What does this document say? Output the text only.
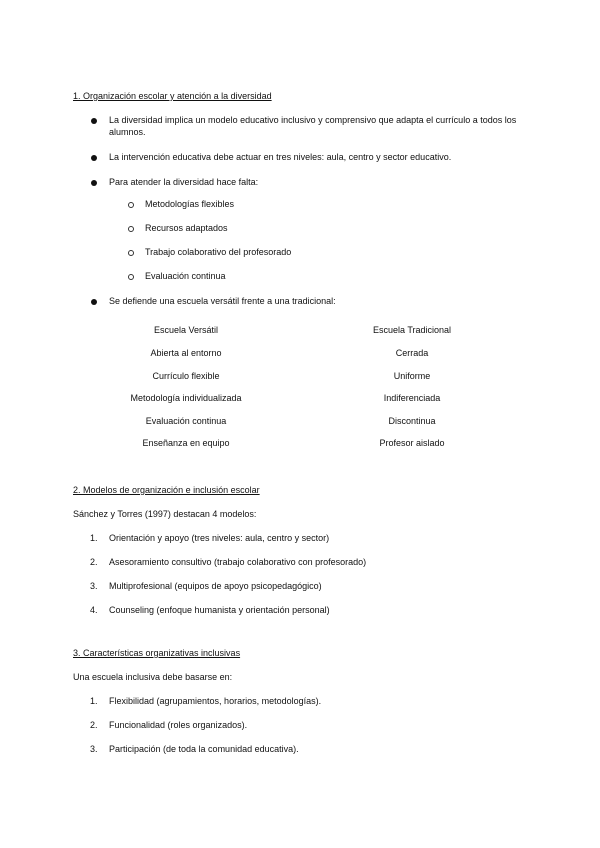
1. Organización escolar y atención a la diversidad
La diversidad implica un modelo educativo inclusivo y comprensivo que adapta el currículo a todos los alumnos.
La intervención educativa debe actuar en tres niveles: aula, centro y sector educativo.
Para atender la diversidad hace falta:
Metodologías flexibles
Recursos adaptados
Trabajo colaborativo del profesorado
Evaluación continua
Se defiende una escuela versátil frente a una tradicional:
Escuela Versátil	Escuela Tradicional
Abierta al entorno	Cerrada
Currículo flexible	Uniforme
Metodología individualizada	Indiferenciada
Evaluación continua	Discontinua
Enseñanza en equipo	Profesor aislado
2. Modelos de organización e inclusión escolar
Sánchez y Torres (1997) destacan 4 modelos:
1. Orientación y apoyo (tres niveles: aula, centro y sector)
2. Asesoramiento consultivo (trabajo colaborativo con profesorado)
3. Multiprofesional (equipos de apoyo psicopedagógico)
4. Counseling (enfoque humanista y orientación personal)
3. Características organizativas inclusivas
Una escuela inclusiva debe basarse en:
1. Flexibilidad (agrupamientos, horarios, metodologías).
2. Funcionalidad (roles organizados).
3. Participación (de toda la comunidad educativa).
